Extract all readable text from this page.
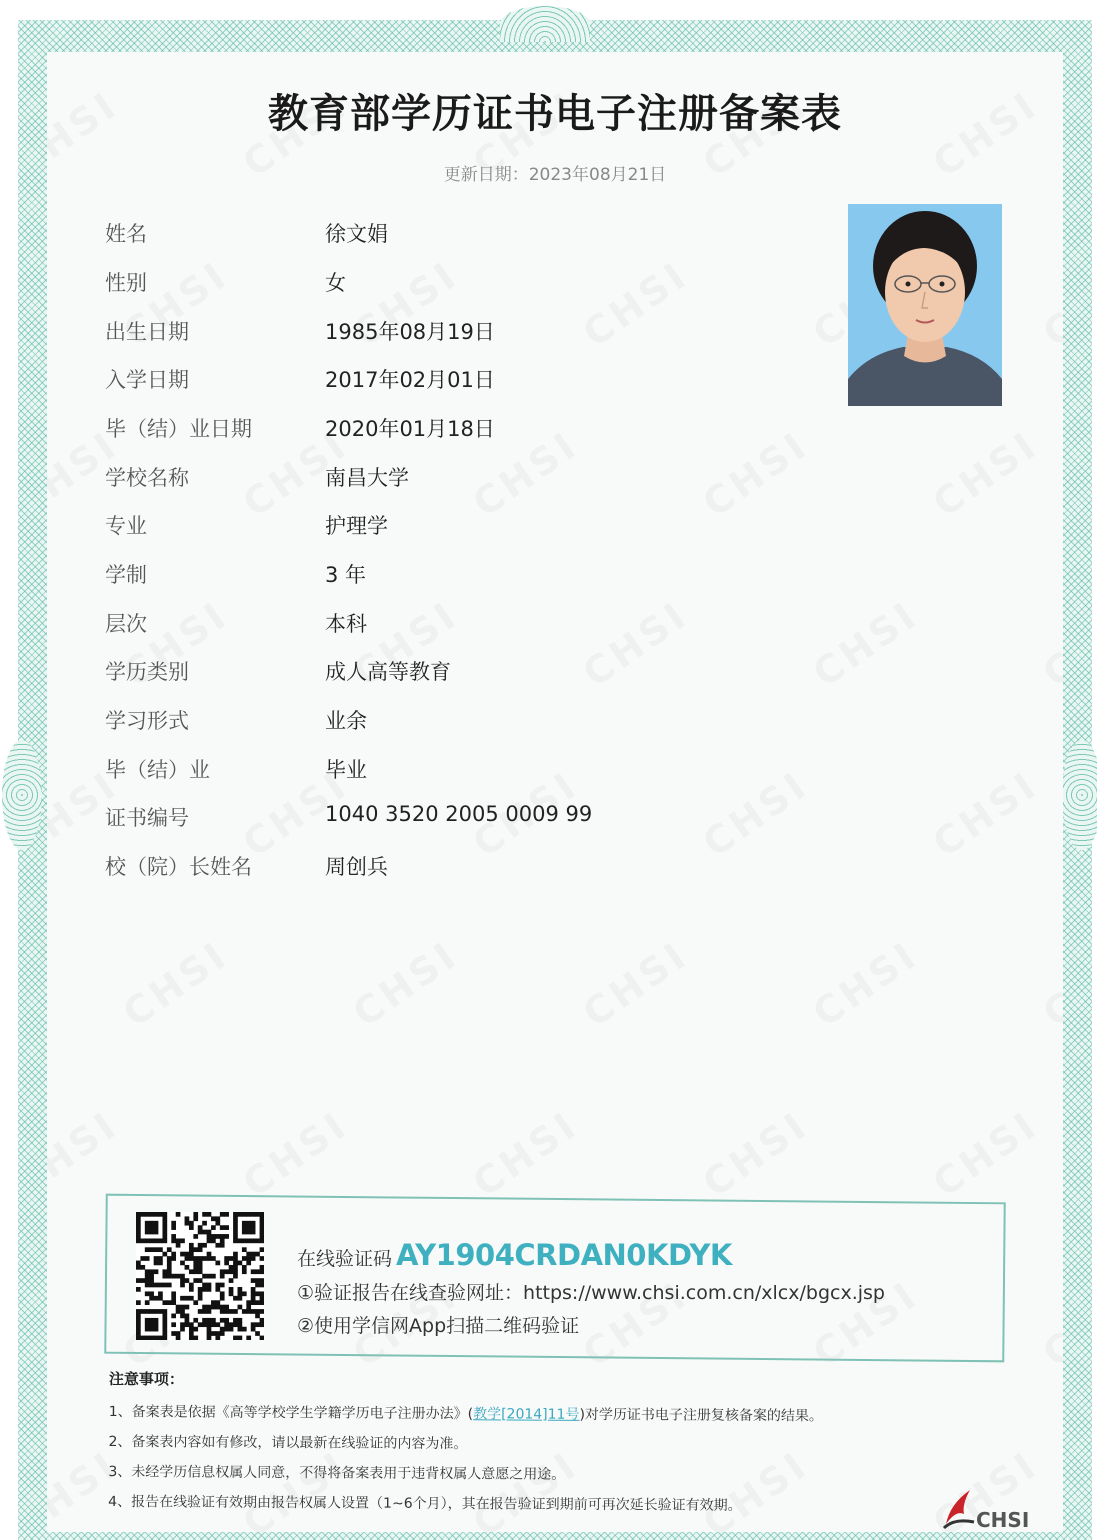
教育部学历证书电子注册备案表
更新日期：2023年08月21日
姓名	徐文娟
性别	女
出生日期	1985年08月19日
入学日期	2017年02月01日
毕（结）业日期	2020年01月18日
学校名称	南昌大学
专业	护理学
学制	3 年
层次	本科
学历类别	成人高等教育
学习形式	业余
毕（结）业	毕业
证书编号	1040 3520 2005 0009 99
校（院）长姓名	周创兵
在线验证码 AY1904CRDAN0KDYK
①验证报告在线查验网址：https://www.chsi.com.cn/xlcx/bgcx.jsp
②使用学信网App扫描二维码验证
注意事项：
1、备案表是依据《高等学校学生学籍学历电子注册办法》(教学[2014]11号)对学历证书电子注册复核备案的结果。
2、备案表内容如有修改，请以最新在线验证的内容为准。
3、未经学历信息权属人同意，不得将备案表用于违背权属人意愿之用途。
4、报告在线验证有效期由报告权属人设置（1~6个月），其在报告验证到期前可再次延长验证有效期。
CHSI
